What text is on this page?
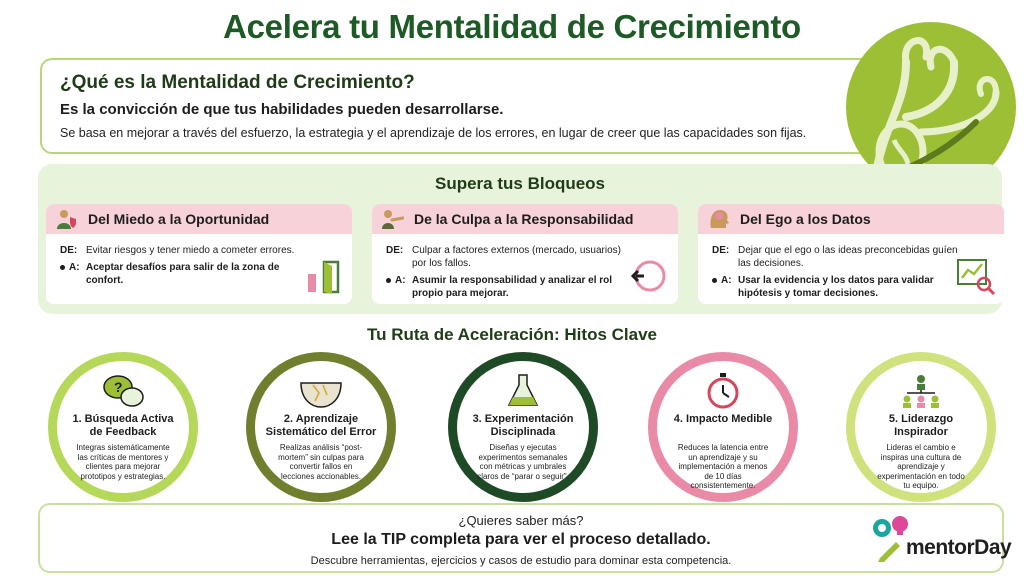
Acelera tu Mentalidad de Crecimiento
¿Qué es la Mentalidad de Crecimiento?
Es la convicción de que tus habilidades pueden desarrollarse.
Se basa en mejorar a través del esfuerzo, la estrategia y el aprendizaje de los errores, en lugar de creer que las capacidades son fijas.
Supera tus Bloqueos
Del Miedo a la Oportunidad
DE: Evitar riesgos y tener miedo a cometer errores.
A: Aceptar desafíos para salir de la zona de confort.
De la Culpa a la Responsabilidad
DE: Culpar a factores externos (mercado, usuarios) por los fallos.
A: Asumir la responsabilidad y analizar el rol propio para mejorar.
Del Ego a los Datos
DE: Dejar que el ego o las ideas preconcebidas guíen las decisiones.
A: Usar la evidencia y los datos para validar hipótesis y tomar decisiones.
Tu Ruta de Aceleración: Hitos Clave
?
1. Búsqueda Activa de Feedback
Integras sistemáticamente las críticas de mentores y clientes para mejorar prototipos y estrategias.
2. Aprendizaje Sistemático del Error
Realizas análisis “post-mortem” sin culpas para convertir fallos en lecciones accionables.
3. Experimentación Disciplinada
Diseñas y ejecutas experimentos semanales con métricas y umbrales claros de “parar o seguir”.
4. Impacto Medible
Reduces la latencia entre un aprendizaje y su implementación a menos de 10 días consistentemente.
5. Liderazgo Inspirador
Lideras el cambio e inspiras una cultura de aprendizaje y experimentación en todo tu equipo.
¿Quieres saber más?
Lee la TIP completa para ver el proceso detallado.
Descubre herramientas, ejercicios y casos de estudio para dominar esta competencia.
mentorDay
